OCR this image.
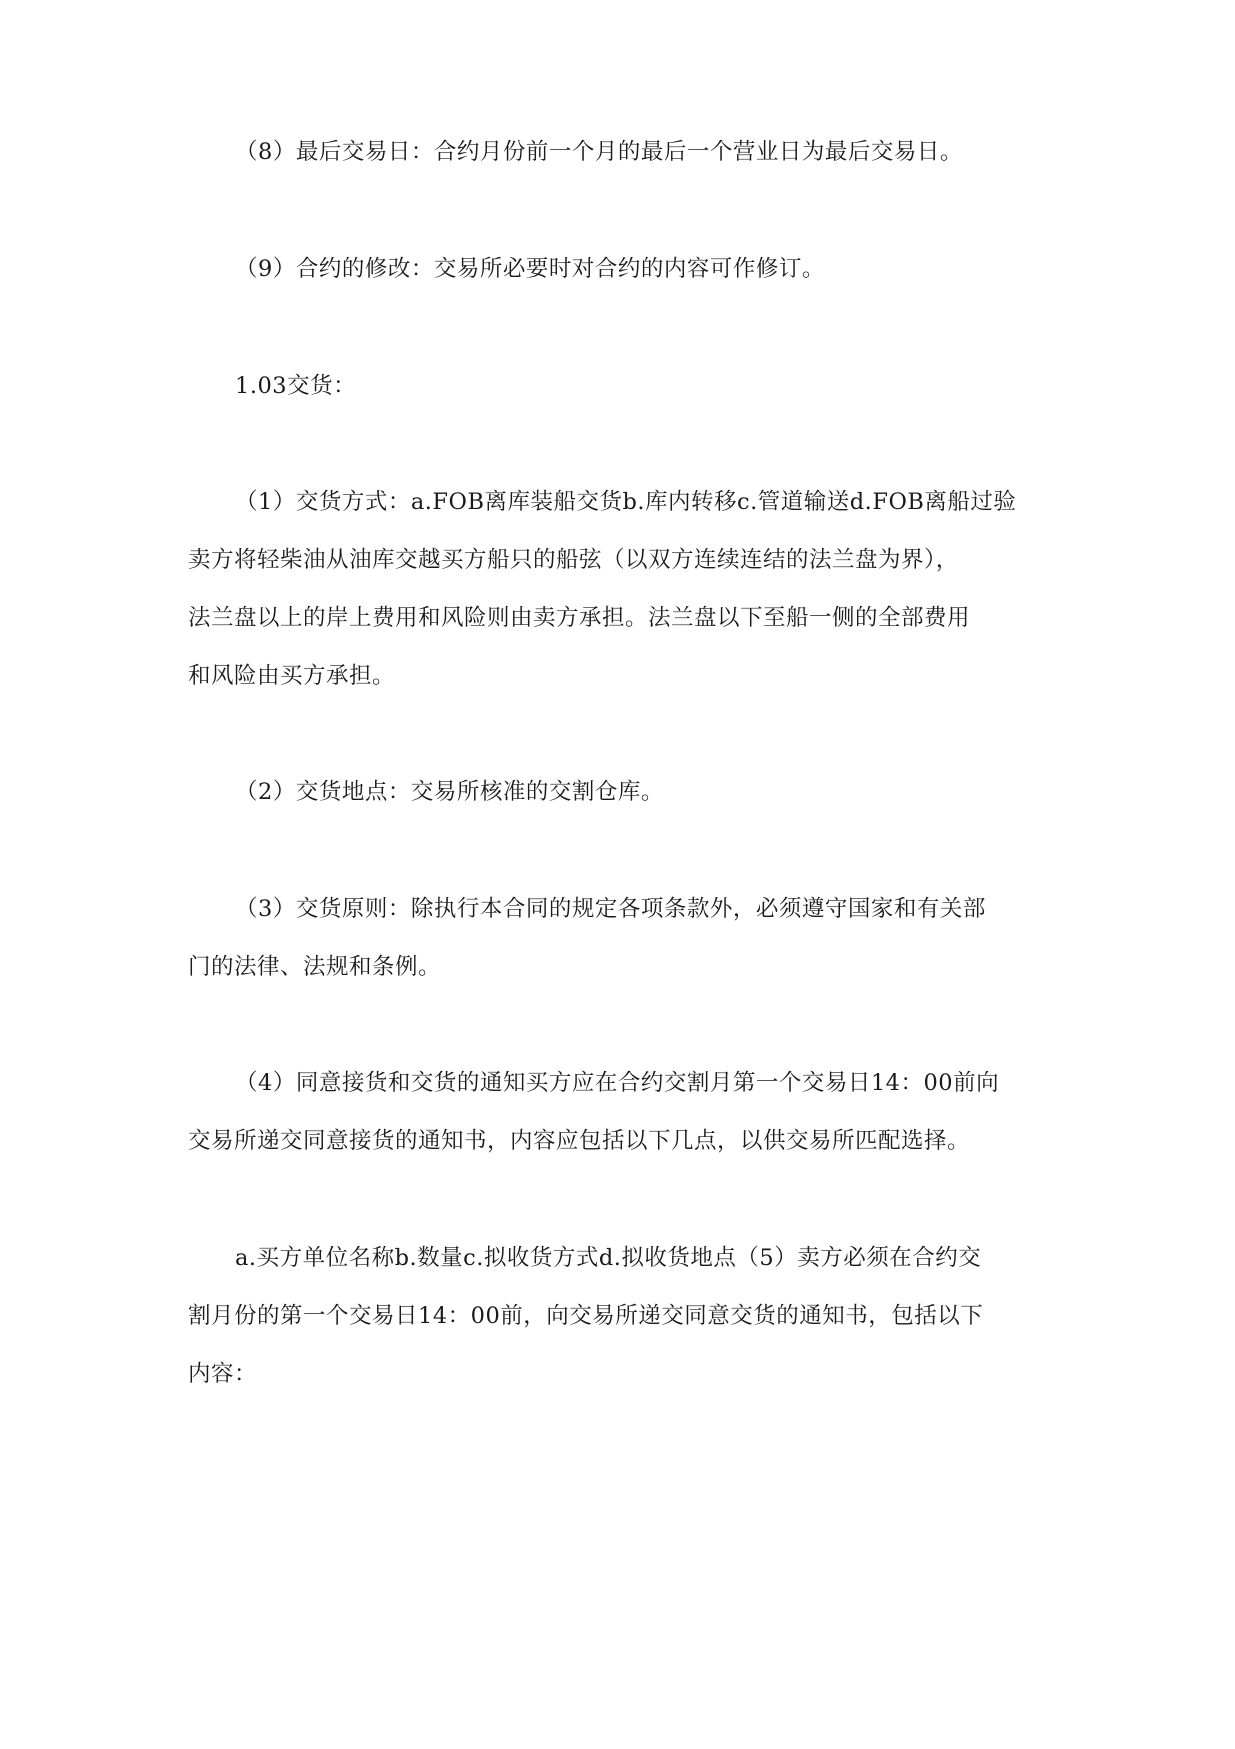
（8）最后交易日：合约月份前一个月的最后一个营业日为最后交易日。
（9）合约的修改：交易所必要时对合约的内容可作修订。
1.03交货：
（1）交货方式：a.FOB离库装船交货b.库内转移c.管道输送d.FOB离船过验
卖方将轻柴油从油库交越买方船只的船弦（以双方连续连结的法兰盘为界），
法兰盘以上的岸上费用和风险则由卖方承担。法兰盘以下至船一侧的全部费用
和风险由买方承担。
（2）交货地点：交易所核准的交割仓库。
（3）交货原则：除执行本合同的规定各项条款外，必须遵守国家和有关部
门的法律、法规和条例。
（4）同意接货和交货的通知买方应在合约交割月第一个交易日14：00前向
交易所递交同意接货的通知书，内容应包括以下几点，以供交易所匹配选择。
a.买方单位名称b.数量c.拟收货方式d.拟收货地点（5）卖方必须在合约交
割月份的第一个交易日14：00前，向交易所递交同意交货的通知书，包括以下
内容：
